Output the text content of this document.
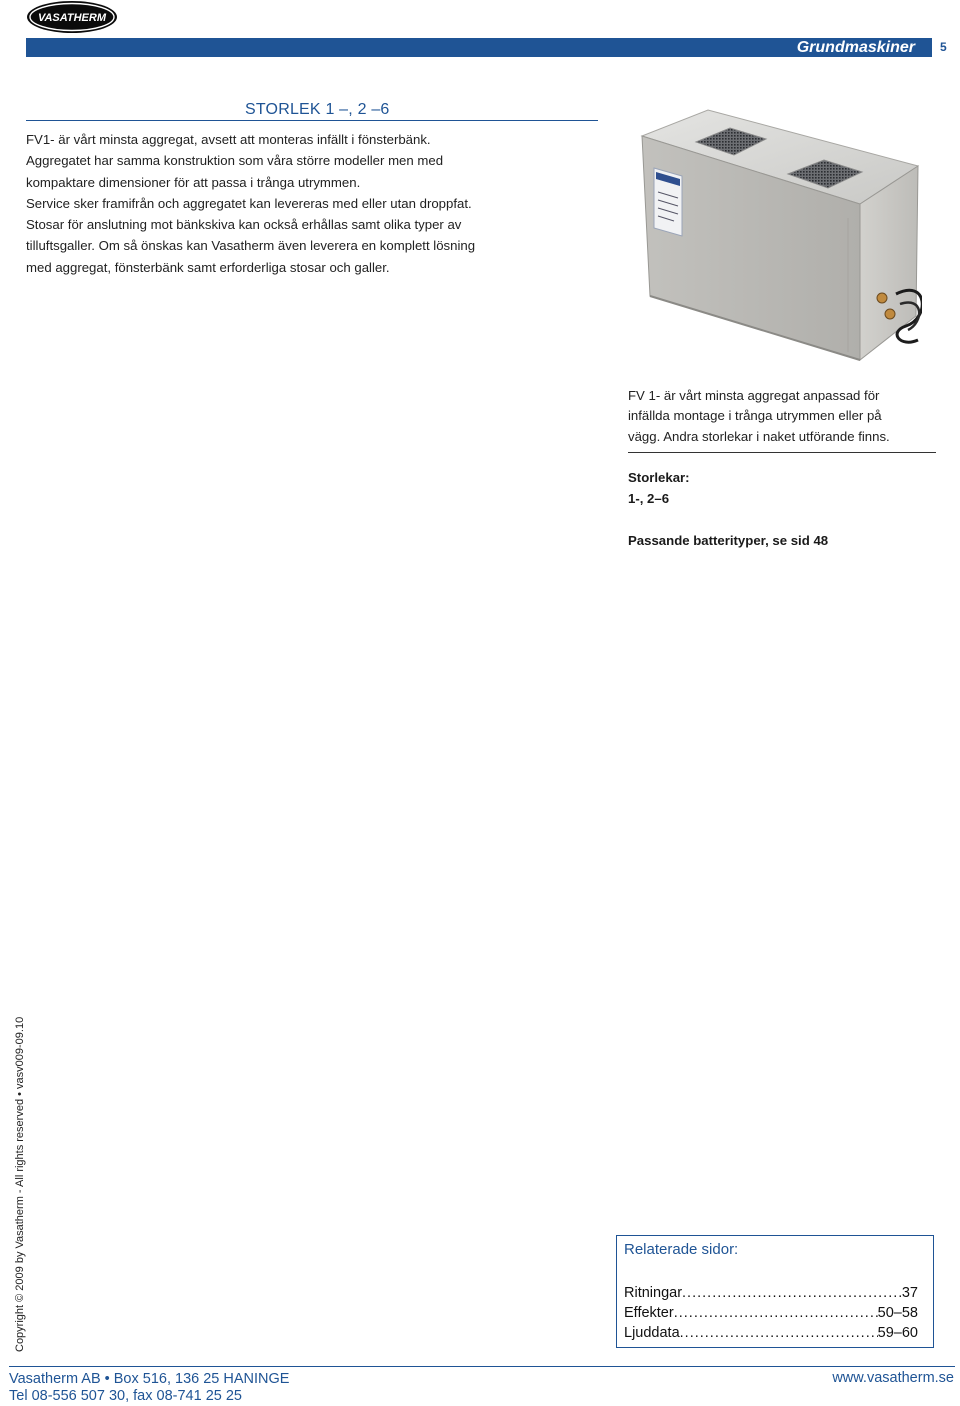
VASATHERM
Grundmaskiner 5
STORLEK 1 –, 2 –6

FV1- är vårt minsta aggregat, avsett att monteras infällt i fönsterbänk.

Aggregatet har samma konstruktion som våra större modeller men med

kompaktare dimensioner för att passa i trånga utrymmen.

Service sker framifrån och aggregatet kan levereras med eller utan droppfat.

Stosar för anslutning mot bänkskiva kan också erhållas samt olika typer av

tilluftsgaller. Om så önskas kan Vasatherm även leverera en komplett lösning

med aggregat, fönsterbänk samt erforderliga stosar och galler.

FV 1- är vårt minsta aggregat anpassad för
infällda montage i trånga utrymmen eller på
vägg. Andra storlekar i naket utförande finns.
Storlekar:
1-, 2–6
Passande batterityper, se sid 48
Copyright © 2009 by Vasatherm - All rights reserved • vasv009-09.10	Relaterade sidor:
Ritningar .....	37
Effekter .....	50–58
Ljuddata .....	59–60
Vasatherm AB • Box 516, 136 25 HANINGE
Tel 08-556 507 30, fax 08-741 25 25
www.vasatherm.se
